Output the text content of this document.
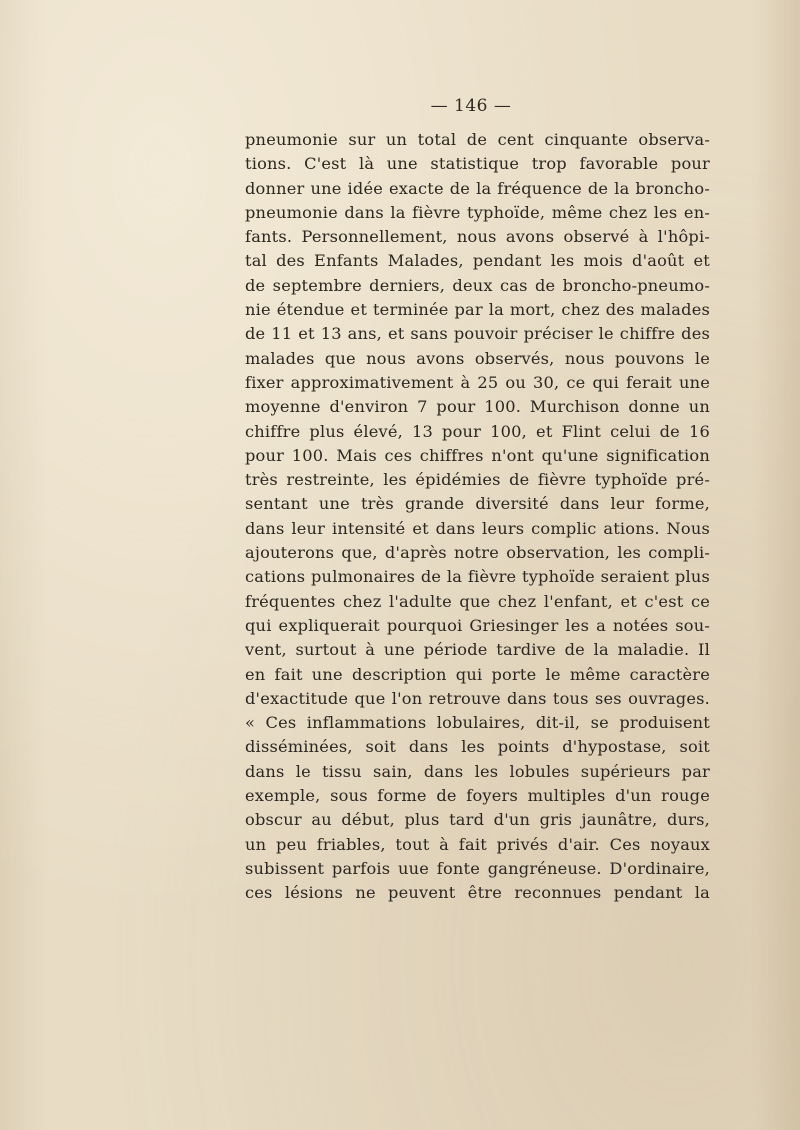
— 146 —
pneumonie sur un total de cent cinquante observa-
tions. C'est là une statistique trop favorable pour
donner une idée exacte de la fréquence de la broncho-
pneumonie dans la fièvre typhoïde, même chez les en-
fants. Personnellement, nous avons observé à l'hôpi-
tal des Enfants Malades, pendant les mois d'août et
de septembre derniers, deux cas de broncho-pneumo-
nie étendue et terminée par la mort, chez des malades
de 11 et 13 ans, et sans pouvoir préciser le chiffre des
malades que nous avons observés, nous pouvons le
fixer approximativement à 25 ou 30, ce qui ferait une
moyenne d'environ 7 pour 100. Murchison donne un
chiffre plus élevé, 13 pour 100, et Flint celui de 16
pour 100. Mais ces chiffres n'ont qu'une signification
très restreinte, les épidémies de fièvre typhoïde pré-
sentant une très grande diversité dans leur forme,
dans leur intensité et dans leurs complic ations. Nous
ajouterons que, d'après notre observation, les compli-
cations pulmonaires de la fièvre typhoïde seraient plus
fréquentes chez l'adulte que chez l'enfant, et c'est ce
qui expliquerait pourquoi Griesinger les a notées sou-
vent, surtout à une période tardive de la maladie. Il
en fait une description qui porte le même caractère
d'exactitude que l'on retrouve dans tous ses ouvrages.
« Ces inflammations lobulaires, dit-il, se produisent
disséminées, soit dans les points d'hypostase, soit
dans le tissu sain, dans les lobules supérieurs par
exemple, sous forme de foyers multiples d'un rouge
obscur au début, plus tard d'un gris jaunâtre, durs,
un peu friables, tout à fait privés d'air. Ces noyaux
subissent parfois uue fonte gangréneuse. D'ordinaire,
ces lésions ne peuvent être reconnues pendant la
